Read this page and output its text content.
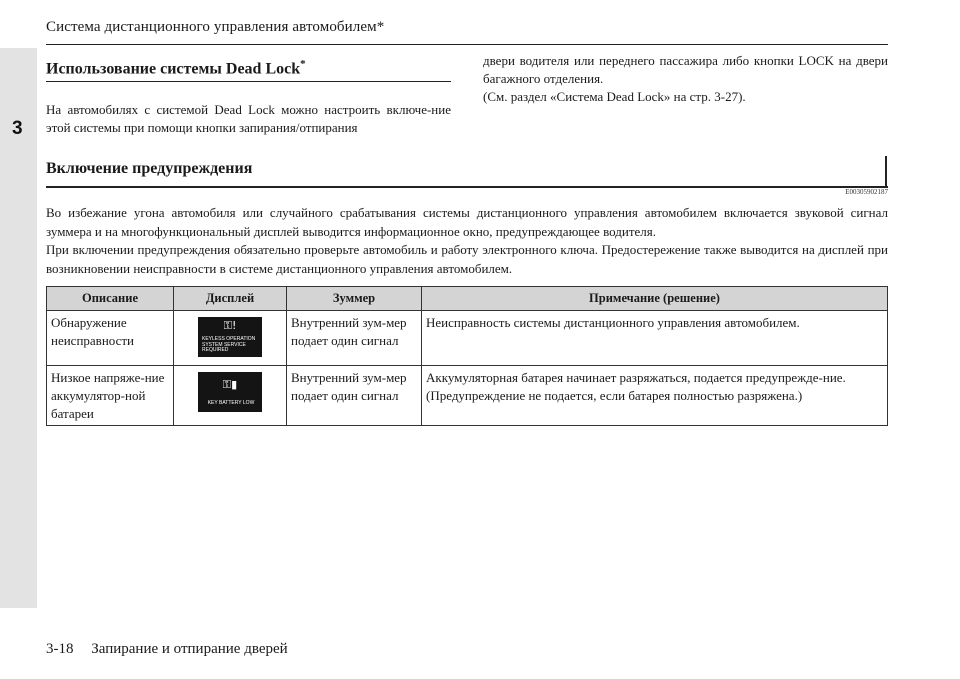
3
Система дистанционного управления автомобилем*
Использование системы Dead Lock*

На автомобилях с системой Dead Lock можно настроить включе-ние этой системы при помощи кнопки запирания/отпирания

двери водителя или переднего пассажира либо кнопки LOCK на двери багажного отделения.
(См. раздел «Система Dead Lock» на стр. 3-27).
Включение предупреждения
E00305902187
Во избежание угона автомобиля или случайного срабатывания системы дистанционного управления автомобилем включается звуковой сигнал зуммера и на многофункциональный дисплей выводится информационное окно, предупреждающее водителя.
При включении предупреждения обязательно проверьте автомобиль и работу электронного ключа. Предостережение также выводится на дисплей при возникновении неисправности в системе дистанционного управления автомобилем.
Описание	Дисплей	Зуммер	Примечание (решение)
Обнаружение неисправности	⚿!
KEYLESS OPERATION
SYSTEM SERVICE
REQUIRED	Внутренний зум-мер подает один сигнал	Неисправность системы дистанционного управления автомобилем.
Низкое напряже-ние аккумулятор-ной батареи	⚿▮
KEY BATTERY LOW	Внутренний зум-мер подает один сигнал	Аккумуляторная батарея начинает разряжаться, подается предупрежде-ние. (Предупреждение не подается, если батарея полностью разряжена.)
3-18 Запирание и отпирание дверей
